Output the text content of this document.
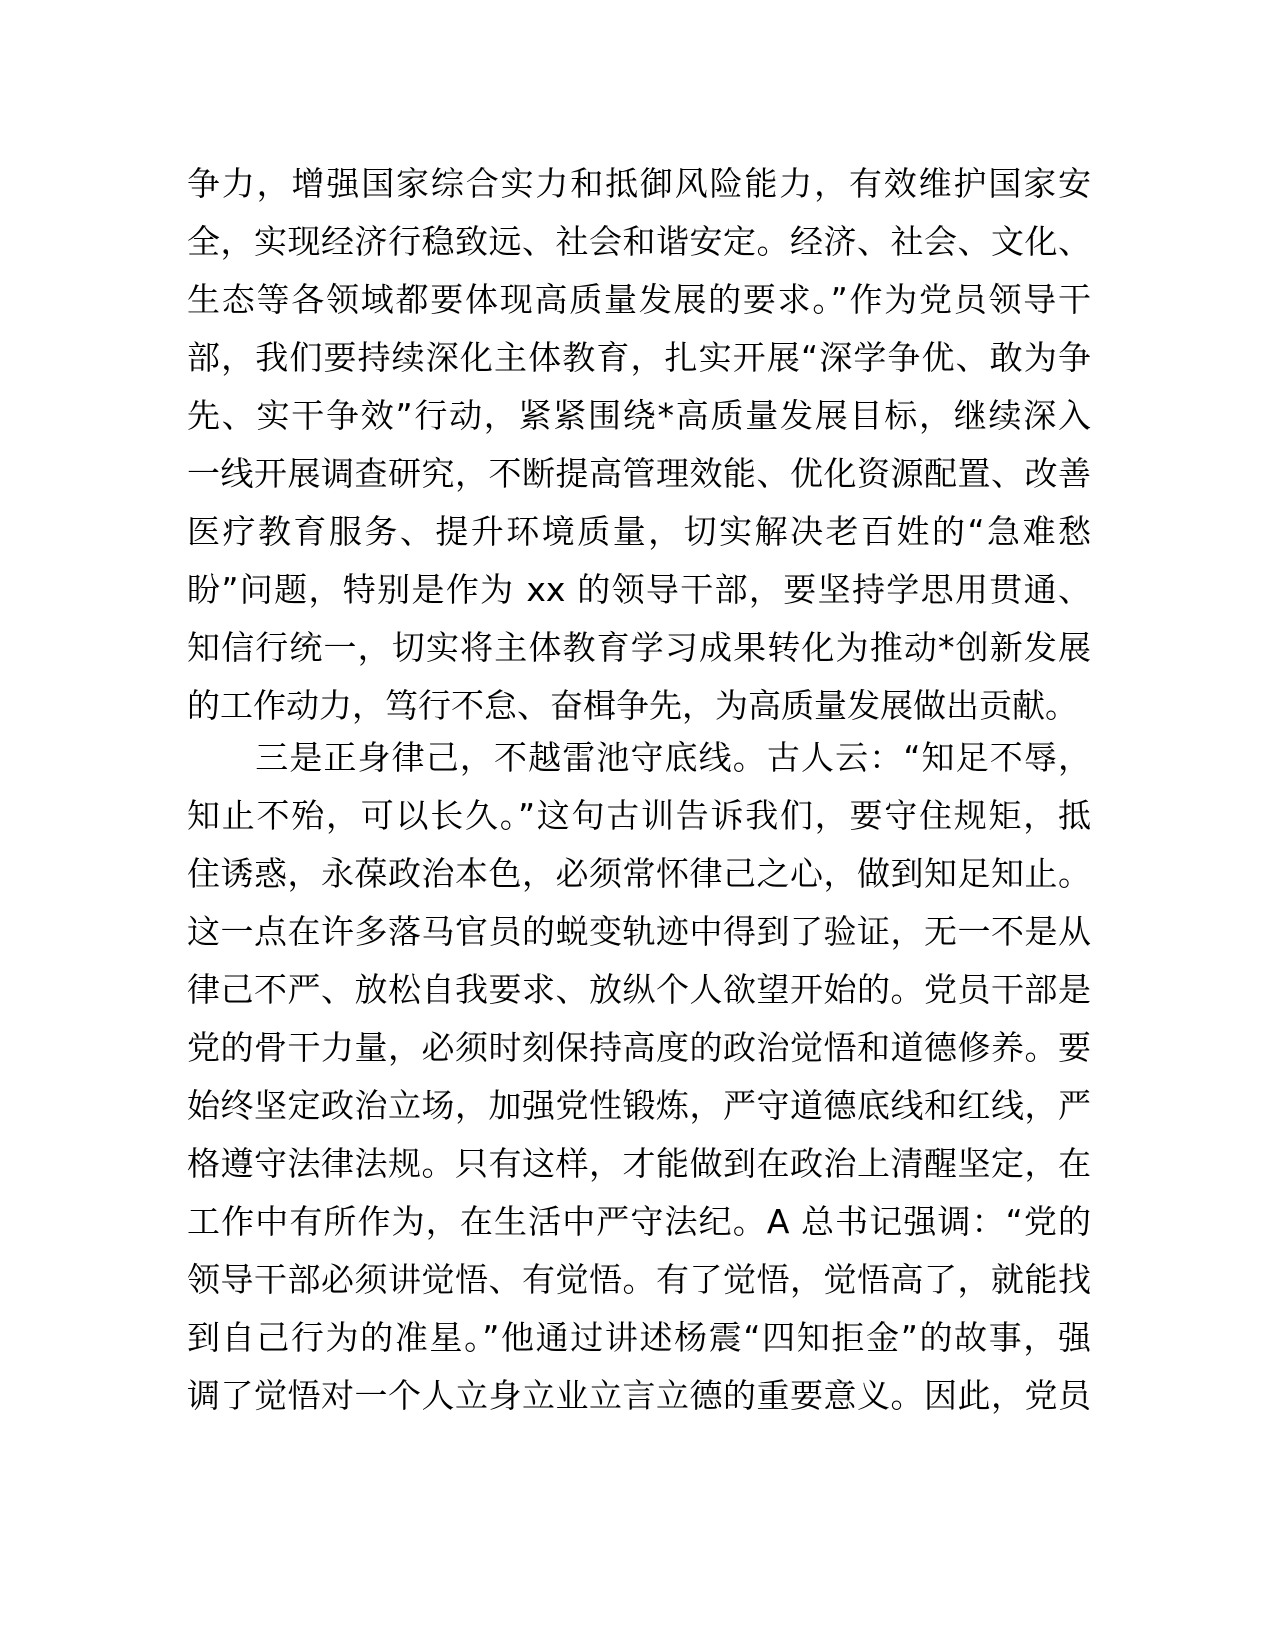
争力，增强国家综合实力和抵御风险能力，有效维护国家安
全，实现经济行稳致远、社会和谐安定。经济、社会、文化、
生态等各领域都要体现高质量发展的要求。”作为党员领导干
部，我们要持续深化主体教育，扎实开展“深学争优、敢为争
先、实干争效”行动，紧紧围绕*高质量发展目标，继续深入
一线开展调查研究，不断提高管理效能、优化资源配置、改善
医疗教育服务、提升环境质量，切实解决老百姓的“急难愁
盼”问题，特别是作为 xx 的领导干部，要坚持学思用贯通、
知信行统一，切实将主体教育学习成果转化为推动*创新发展
的工作动力，笃行不怠、奋楫争先，为高质量发展做出贡献。
　　三是正身律己，不越雷池守底线。古人云：“知足不辱，
知止不殆，可以长久。”这句古训告诉我们，要守住规矩，抵
住诱惑，永葆政治本色，必须常怀律己之心，做到知足知止。
这一点在许多落马官员的蜕变轨迹中得到了验证，无一不是从
律己不严、放松自我要求、放纵个人欲望开始的。党员干部是
党的骨干力量，必须时刻保持高度的政治觉悟和道德修养。要
始终坚定政治立场，加强党性锻炼，严守道德底线和红线，严
格遵守法律法规。只有这样，才能做到在政治上清醒坚定，在
工作中有所作为，在生活中严守法纪。A 总书记强调：“党的
领导干部必须讲觉悟、有觉悟。有了觉悟，觉悟高了，就能找
到自己行为的准星。”他通过讲述杨震“四知拒金”的故事，强
调了觉悟对一个人立身立业立言立德的重要意义。因此，党员
